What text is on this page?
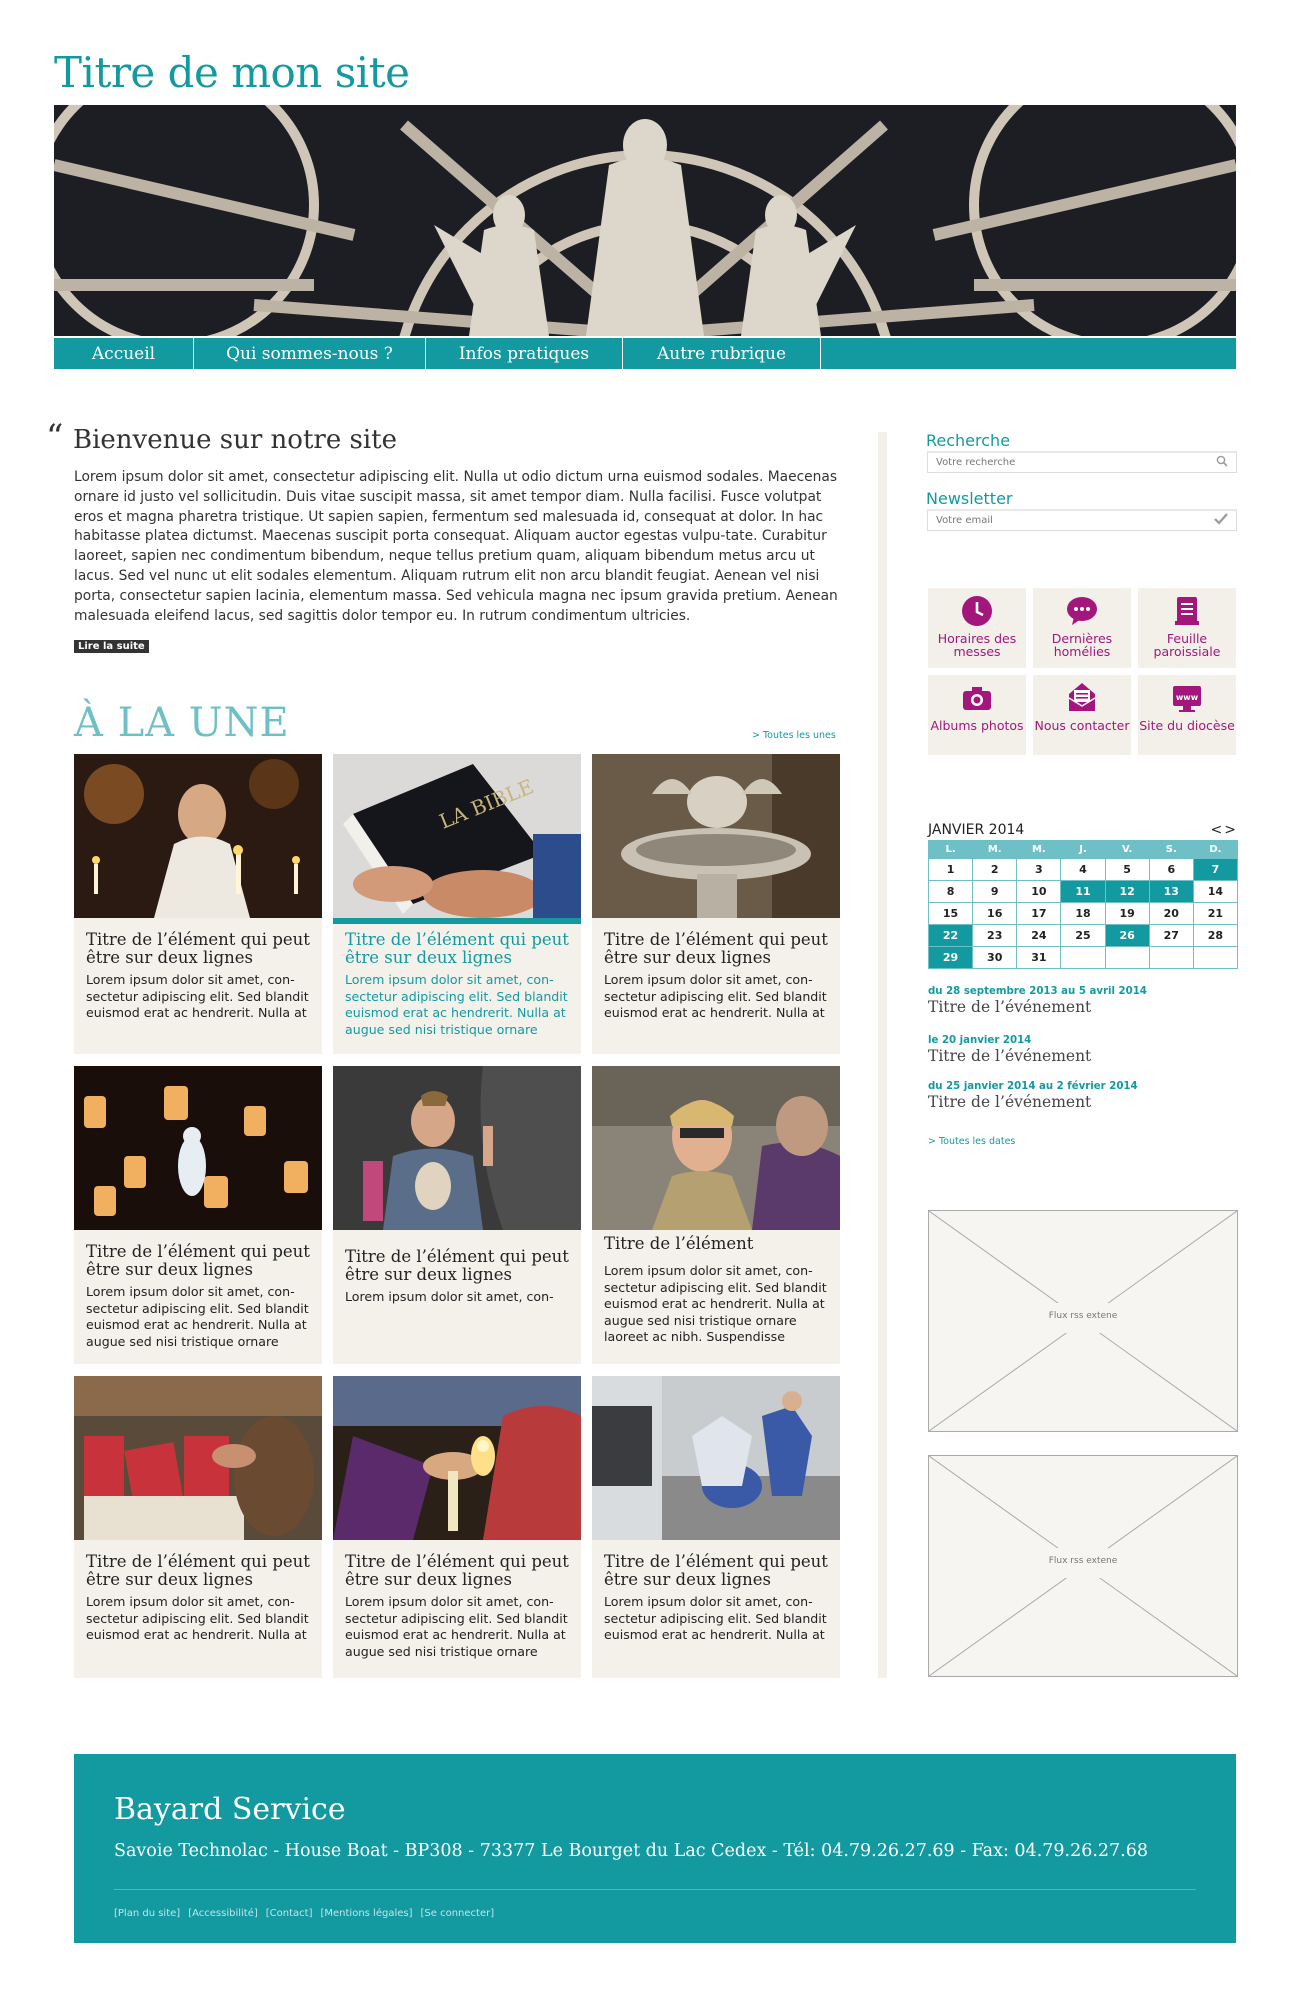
Titre de mon site
Accueil	Qui sommes-nous ?	Infos pratiques	Autre rubrique
“ Bienvenue sur notre site
Lorem ipsum dolor sit amet, consectetur adipiscing elit. Nulla ut odio dictum urna euismod sodales. Maecenas ornare id justo vel sollicitudin. Duis vitae suscipit massa, sit amet tempor diam. Nulla facilisi. Fusce volutpat eros et magna pharetra tristique. Ut sapien sapien, fermentum sed malesuada id, consequat at dolor. In hac habitasse platea dictumst. Maecenas suscipit porta consequat. Aliquam auctor egestas vulpu-tate. Curabitur laoreet, sapien nec condimentum bibendum, neque tellus pretium quam, aliquam bibendum metus arcu ut lacus. Sed vel nunc ut elit sodales elementum. Aliquam rutrum elit non arcu blandit feugiat. Aenean vel nisi porta, consectetur sapien lacinia, elementum massa. Sed vehicula magna nec ipsum gravida pretium. Aenean malesuada eleifend lacus, sed sagittis dolor tempor eu. In rutrum condimentum ultricies.
Lire la suite
À LA UNE	> Toutes les unes
Titre de l’élément qui peut être sur deux lignes
Lorem ipsum dolor sit amet, con-sectetur adipiscing elit. Sed blandit euismod erat ac hendrerit. Nulla at
LA BIBLE
Titre de l’élément qui peut être sur deux lignes
Lorem ipsum dolor sit amet, con-sectetur adipiscing elit. Sed blandit euismod erat ac hendrerit. Nulla at augue sed nisi tristique ornare
Titre de l’élément qui peut être sur deux lignes
Lorem ipsum dolor sit amet, con-sectetur adipiscing elit. Sed blandit euismod erat ac hendrerit. Nulla at
Titre de l’élément qui peut être sur deux lignes
Lorem ipsum dolor sit amet, con-sectetur adipiscing elit. Sed blandit euismod erat ac hendrerit. Nulla at augue sed nisi tristique ornare
Titre de l’élément qui peut être sur deux lignes
Lorem ipsum dolor sit amet, con-
Titre de l’élément
Lorem ipsum dolor sit amet, con-sectetur adipiscing elit. Sed blandit euismod erat ac hendrerit. Nulla at augue sed nisi tristique ornare laoreet ac nibh. Suspendisse
Titre de l’élément qui peut être sur deux lignes
Lorem ipsum dolor sit amet, con-sectetur adipiscing elit. Sed blandit euismod erat ac hendrerit. Nulla at
Titre de l’élément qui peut être sur deux lignes
Lorem ipsum dolor sit amet, con-sectetur adipiscing elit. Sed blandit euismod erat ac hendrerit. Nulla at augue sed nisi tristique ornare
Titre de l’élément qui peut être sur deux lignes
Lorem ipsum dolor sit amet, con-sectetur adipiscing elit. Sed blandit euismod erat ac hendrerit. Nulla at
Recherche
Votre recherche
Newsletter
Votre email
Horaires des messes
Dernières homélies
Feuille paroissiale
Albums photos Nous contacter
www
Site du diocèse
JANVIER 2014	<>
L.	M.	M.	J.	V.	S.	D.
1	2	3	4	5	6	7
8	9	10	11	12	13	14
15	16	17	18	19	20	21
22	23	24	25	26	27	28
29	30	31				
du 28 septembre 2013 au 5 avril 2014
Titre de l’événement
le 20 janvier 2014
Titre de l’événement
du 25 janvier 2014 au 2 février 2014
Titre de l’événement
> Toutes les dates
Flux rss extene
Flux rss extene
Bayard Service
Savoie Technolac - House Boat - BP308 - 73377 Le Bourget du Lac Cedex - Tél: 04.79.26.27.69 - Fax: 04.79.26.27.68
[Plan du site] [Accessibilité] [Contact] [Mentions légales] [Se connecter]
